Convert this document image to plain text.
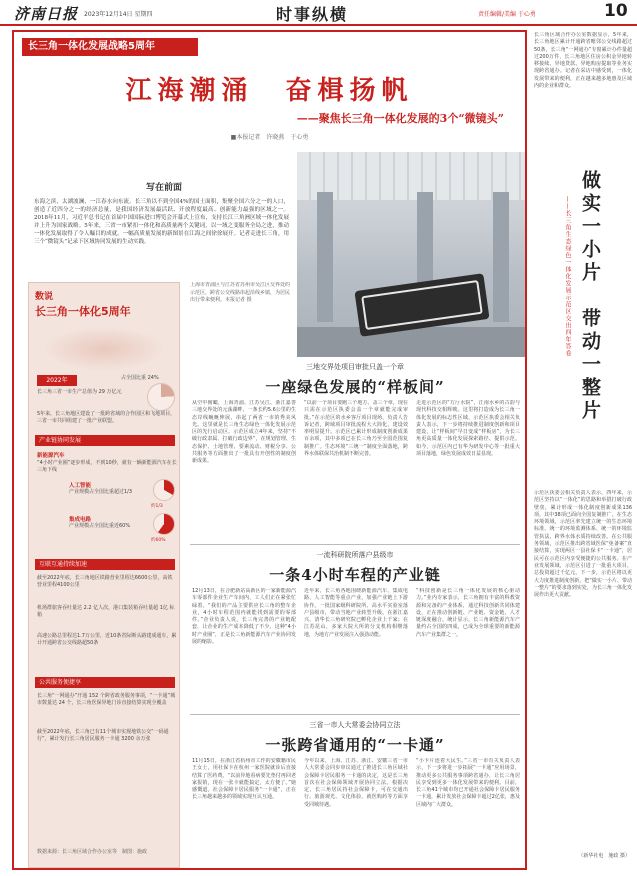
济南日报 2023年12月14日 星期四	时事纵横	责任编辑/美编 于心勇	10
长三角一体化发展战略5周年
江海潮涌　奋楫扬帆
——聚焦长三角一体化发展的3个“微镜头”
■本报记者　许晓燕　于心勇
写在前面
东海之滨，太湖波澜，一江春水向东流。长三角以不到全国4%的国土面积，集聚全国六分之一的人口，创造了近四分之一的经济总量，是我国经济发展最活跃、开放程度最高、创新能力最强的区域之一。2018年11月，习近平总书记在首届中国国际进口博览会开幕式上宣布，支持长江三角洲区域一体化发展并上升为国家战略。5年来，三省一市紧扣一体化和高质量两个关键词，以一域之变服务全局之进，推动一体化发展取得了令人瞩目的成就，一幅高质量发展的新图景在江海之间徐徐展开。记者走进长三角，用三个“微镜头”记录下区域协同发展的生动实践。
上海市青浦区与江苏省苏州市吴江区交界处的示范区，跨省公交线路串起沿线乡镇，为居民出行带来便利。本报记者 摄
数说
长三角一体化5周年
2022年
长三角三省一市生产总值为 29 万亿元
占全国比重 24%
5年来，长三角地区建设了一批跨省域的合作园区和飞地项目，三省一市共同组建了一批产业联盟。
产业链协同发展
新能源汽车
“4小时产业圈”逐步形成，不到10秒，就有一辆新能源汽车在长三角下线
人工智能
产业规模占全国比重超过1/3
约1/3
集成电路
产业规模占全国比重近60%
约60%
互联互通持续加速
截至2022年底，长三角地区铁路营业里程达6600公里，高铁营业里程4100公里
机场群旅客吞吐量达 2.2 亿人次，港口集装箱吞吐量超 1亿 标箱
高速公路总里程达1.7万公里，近10条省际断头路建成通车，累计开通跨省公交线路超50条
公共服务便捷享
长三角“一网通办”开通 152 个跨省政务服务事项，“一卡通”城市数量达 24 个，长三角医保异地门诊直接结算实现全覆盖
截至2022年底，长三角已有11个城市实现地铁公交“一码通行”，累计发行长三角居民服务一卡通 3200 余万张
数据来源：长三角区域合作办公室等　制图：施政
三地交界处项目审批只盖一个章
一座绿色发展的“样板间”
从空中俯瞰，上海青浦、江苏吴江、浙江嘉善三地交界处的元荡湖畔，一条长约5.6公里的生态岸线蜿蜒伸展，串起了两省一市的秀美风光。这里就是长三角生态绿色一体化发展示范区的先行启动区。示范区成立4年来，坚持“不破行政隶属、打破行政边界”，在规划管理、生态保护、土地管理、要素流动、财税分享、公共服务等方面推出了一批具有开创性的制度创新成果。
“以前一个项目要跑三个地方、盖三个章，现在只需在示范区执委会盖一个章就能完成审批。”在示范区的水乡客厅项目现场，负责人告诉记者，跨域项目审批流程大大简化，建设效率明显提升。示范区已累计形成制度创新成果百余项，其中多项已在长三角乃至全国范围复制推广。生态环境“三统一”制度全面落地，跨界水体联保共治机制不断完善。
走进示范区的“方厅水院”，江南水乡的古韵与现代科技交相辉映。这里将打造成为长三角一体化发展的标志性区域。示范区执委会相关负责人表示，下一步将持续推进制度创新和项目建设，让“样板间”早日变成“样板房”，为长三角更高质量一体化发展探索路径、提供示范。如今，示范区内已有华为研发中心等一批重大项目落地，绿色发展成效日益显现。
一流科研院所落户县级市
一条4小时车程的产业链
12月13日，在合肥新站高新区的一家新能源汽车零部件企业生产车间内，工人们正在紧张忙碌着。“我们的产品主要供应长三角的整车企业，4小时车程范围内就能找到需要的零部件。”企业负责人说，长三角完善的产业链配套，让企业的生产成本降低了不少。这种“4小时产业圈”，正是长三角新能源汽车产业协同发展的缩影。
近年来，长三角各地围绕新能源汽车、集成电路、人工智能等重点产业，加强产业链上下游协作。一批国家级科研院所、高水平实验室落户县级市，带动当地产业转型升级。在浙江嘉兴，清华长三角研究院已孵化企业上千家；在江苏昆山，多家大院大所的分支机构相继落地，为地方产业发展注入强劲动能。
“科技创新是长三角一体化发展的核心驱动力。”业内专家表示，长三角拥有丰富的科教资源和完备的产业体系，通过科技创新共同体建设，正在推动创新链、产业链、资金链、人才链深度融合。统计显示，长三角新能源汽车产量约占全国的四成，已成为全球重要的新能源汽车产业集群之一。
三省一市人大常委会协同立法
一张跨省通用的“一卡通”
11月15日，在浙江省杭州市工作的安徽籍市民王女士，用社保卡在杭州一家医院就诊后直接结算了医药费。“以前异地看病要先垫付再回老家报销，现在一张卡就能搞定，太方便了。”她感慨道。社会保障卡居民服务“一卡通”，正在长三角越来越多的领域实现互认互通。
今年以来，上海、江苏、浙江、安徽三省一市人大常委会同步审议通过了推进长三角区域社会保障卡居民服务一卡通的决定，这是长三角首次在社会保障领域开展协同立法。根据决定，长三角居民持社会保障卡，可在交通出行、旅游观光、文化体验、就医购药等方面享受同城待遇。
“小卡片连着大民生。”三省一市有关负责人表示，下一步将进一步拓展“一卡通”应用场景，推动更多公共服务事项跨省通办，让长三角居民享受到更多一体化发展带来的便利。目前，长三角41个城市均已开通社会保障卡居民服务一卡通，累计发放社会保障卡超过2亿张，惠及区域内广大群众。
长三角区域合作办公室数据显示，5年来，长三角地区累计开通跨省毗邻公交线路超过50条，长三角“一网通办”专窗累计办件量超过200万件，长三角地区住房公积金异地转移接续、异地贷款、异地购房提取等业务实现跨省通办。记者在采访中感受到，一体化发展带来的便利，正在越来越多地惠及区域内的企业和群众。
做实一小片　带动一整片
——长三角生态绿色一体化发展示范区交出四年答卷
示范区执委会相关负责人表示，四年来，示范区坚持以“一体化”的思路和举措打破行政壁垒，累计形成一体化制度创新成果136项，其中38项已面向全国复制推广。在生态环境领域，示范区率先建立统一的生态环境标准、统一的环境监测体系、统一的环境监管执法，跨界水体水质持续改善。在公共服务领域，示范区推出跨省域医保“免备案”直接结算，实现两区一县社保卡“一卡通”，居民可在示范区内享受便捷的公共服务。在产业发展领域，示范区引进了一批重大项目，总投资超过千亿元。下一步，示范区将以更大力度推进制度创新，把“做实一小片、带动一整片”的要求落到实处，为长三角一体化发展作出更大贡献。
（新华社电　施政 摄）
